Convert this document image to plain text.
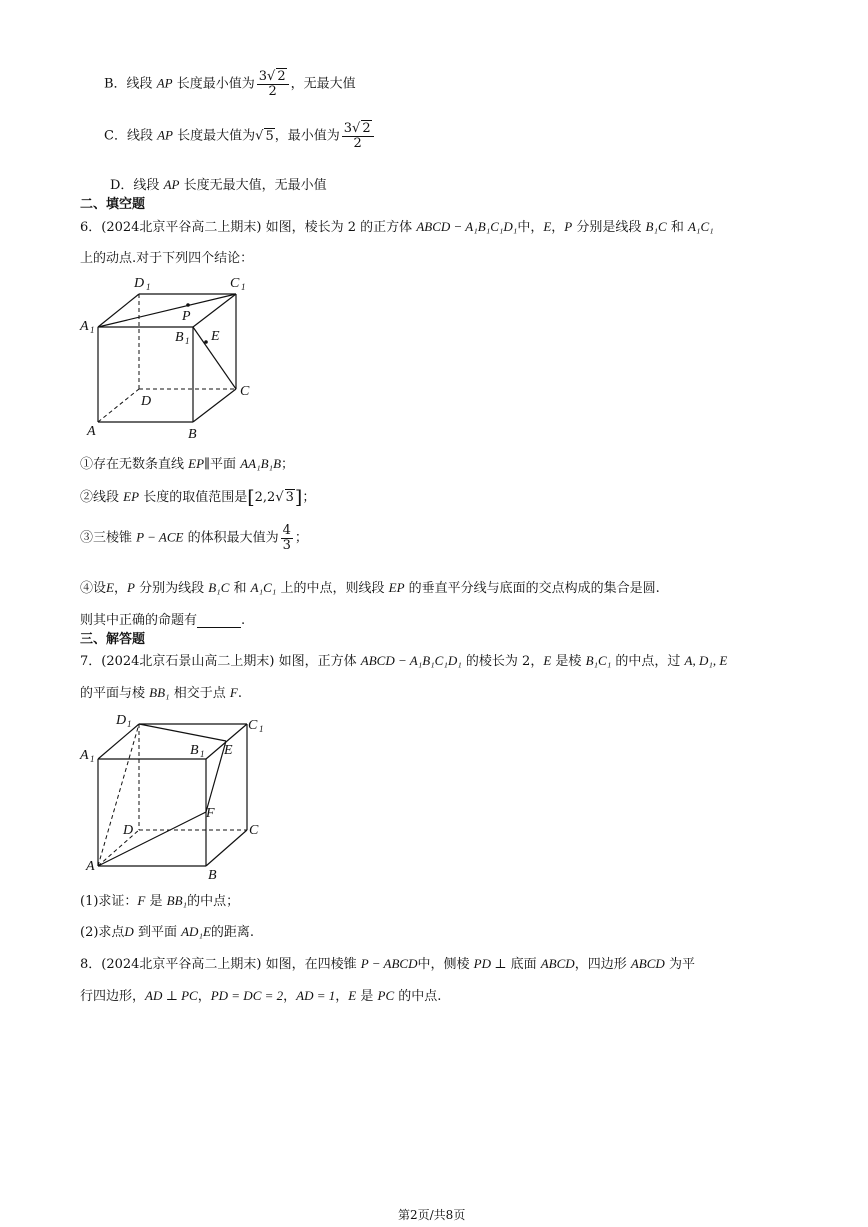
B．线段 AP 长度最小值为 $\frac{3√ 2}{2}$ ，无最大值
C．线段 AP 长度最大值为√ 5，最小值为 $\frac{3√ 2}{2}$
D．线段 AP 长度无最大值，无最小值
二、填空题
6．(2024北京平谷高二上期末) 如图，棱长为 2 的正方体 ABCD − A₁B₁C₁D₁中，E，P 分别是线段 B₁C 和 A₁C₁
上的动点.对于下列四个结论：
D 1	C 1
A 1	B 1
P
E
C
D
A	B
①存在无数条直线 EP∥平面 AA₁B₁B；
②线段 EP 长度的取值范围是[2,2√ 3]；
③三棱锥 P − ACE 的体积最大值为 $\frac{4}{3}$ ；
④设E，P 分别为线段 B₁C 和 A₁C₁ 上的中点，则线段 EP 的垂直平分线与底面的交点构成的集合是圆.
则其中正确的命题有	.
三、解答题
7．(2024北京石景山高二上期末) 如图，正方体 ABCD − A₁B₁C₁D₁ 的棱长为 2，E 是棱 B₁C₁ 的中点，过 A, D₁, E
的平面与棱 BB₁ 相交于点 F.
D 1	C 1
A 1
B 1 E
F
D	C
A
B
(1)求证：F 是 BB₁的中点；
(2)求点D 到平面 AD₁E的距离.
8．(2024北京平谷高二上期末) 如图，在四棱锥 P − ABCD中，侧棱 PD ⊥ 底面 ABCD，四边形 ABCD 为平
行四边形，AD ⊥ PC，PD = DC = 2，AD = 1，E 是 PC 的中点.
第2页/共8页
